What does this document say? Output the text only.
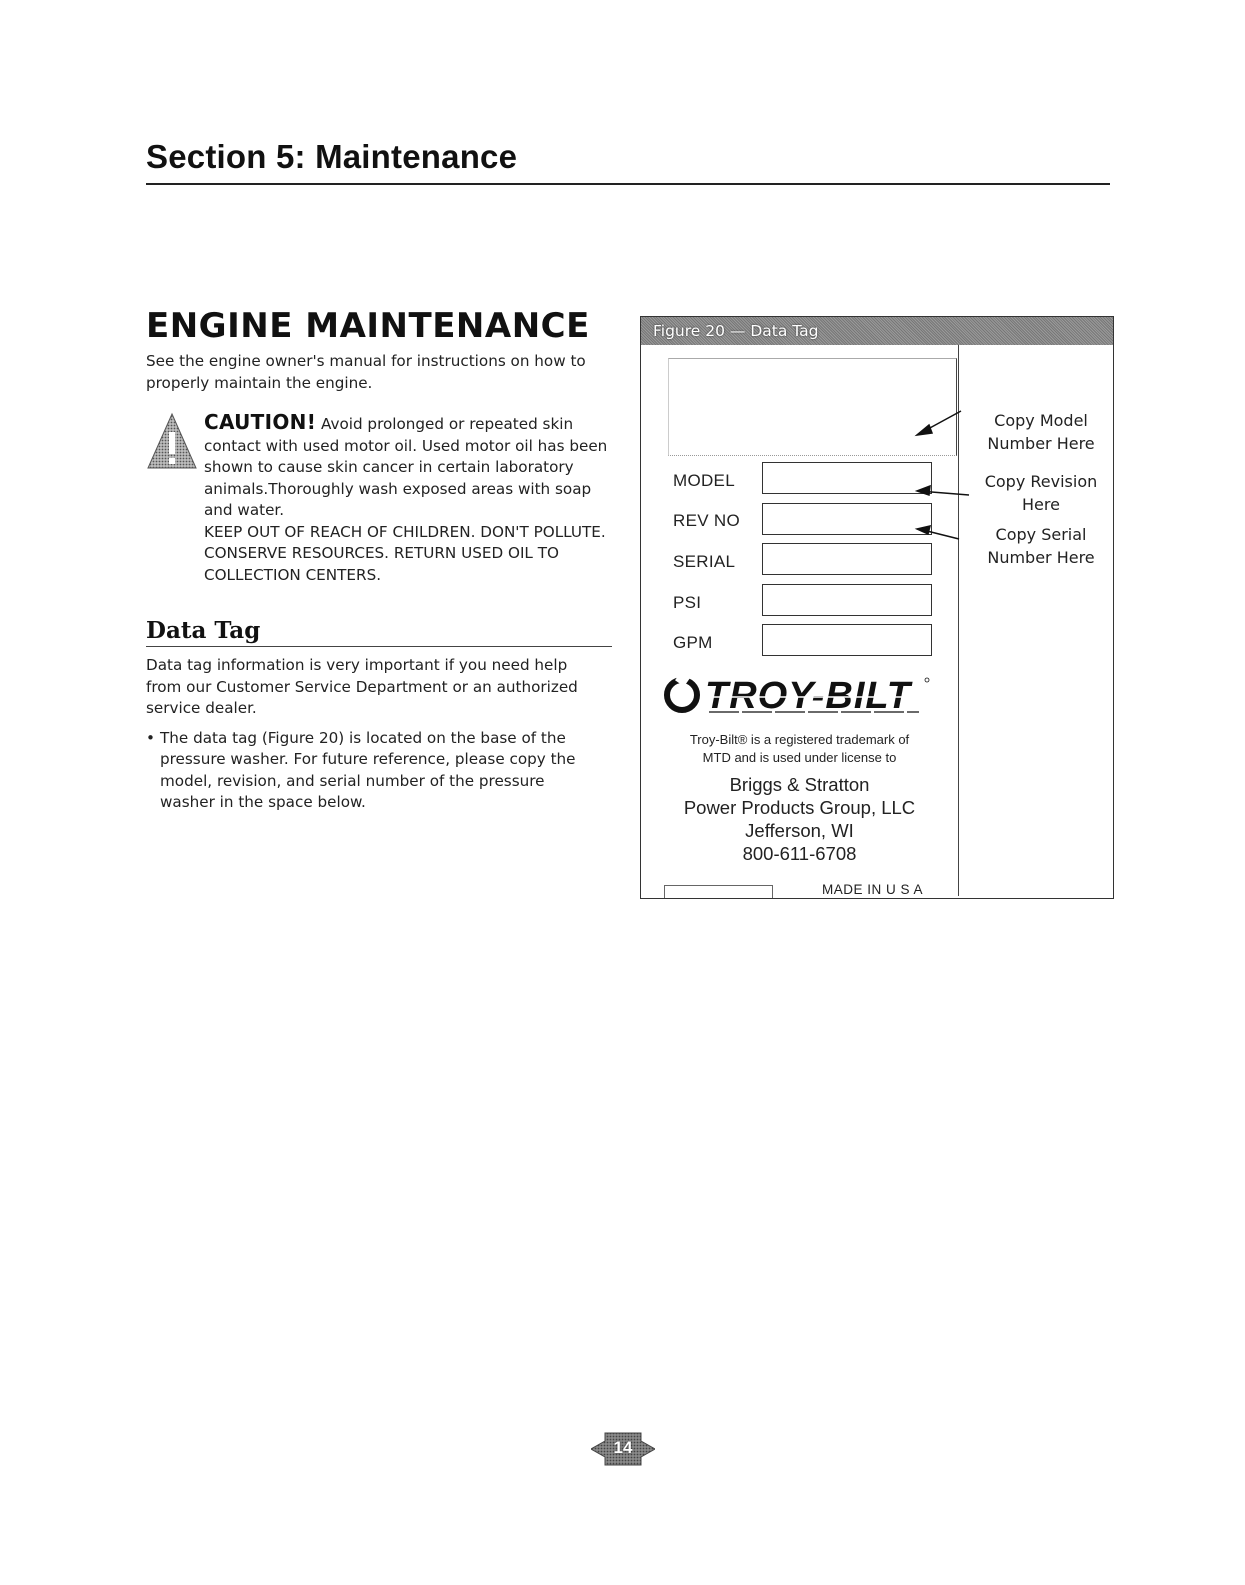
Section 5: Maintenance
ENGINE MAINTENANCE

See the engine owner's manual for instructions on how to properly maintain the engine.

CAUTION! Avoid prolonged or repeated skin contact with used motor oil. Used motor oil has been shown to cause skin cancer in certain laboratory animals.Thoroughly wash exposed areas with soap and water.

KEEP OUT OF REACH OF CHILDREN. DON'T POLLUTE. CONSERVE RESOURCES. RETURN USED OIL TO COLLECTION CENTERS.

Data Tag

Data tag information is very important if you need help from our Customer Service Department or an authorized service dealer.

• The data tag (Figure 20) is located on the base of the pressure washer. For future reference, please copy the model, revision, and serial number of the pressure washer in the space below.
Figure 20 — Data Tag
MODEL
REV NO
SERIAL
PSI
GPM
TROY-BILT
Troy-Bilt® is a registered trademark of
MTD and is used under license to
Briggs & Stratton
Power Products Group, LLC
Jefferson, WI
800-611-6708
MADE IN U S A
Copy Model
Number Here
Copy Revision
Here
Copy Serial
Number Here
14
